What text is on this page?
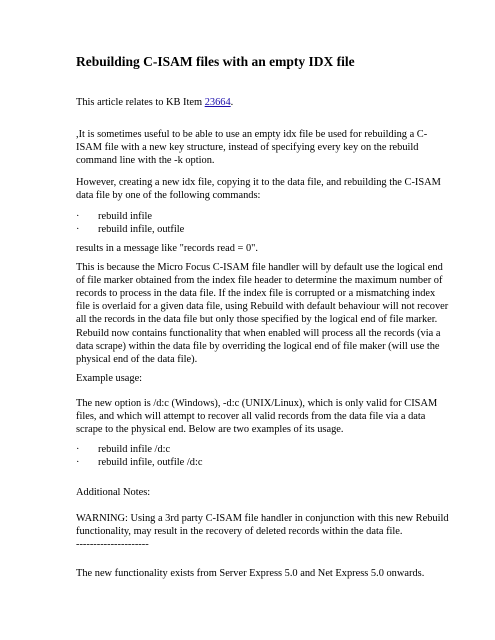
Rebuilding C-ISAM files with an empty IDX file
This article relates to KB Item 23664.
,It is sometimes useful to be able to use an empty idx file be used for rebuilding a C-
ISAM file with a new key structure, instead of specifying every key on the rebuild
command line with the -k option.
However, creating a new idx file, copying it to the data file, and rebuilding the C-ISAM
data file by one of the following commands:
· rebuild infile
· rebuild infile, outfile
results in a message like "records read = 0".
This is because the Micro Focus C-ISAM file handler will by default use the logical end
of file marker obtained from the index file header to determine the maximum number of
records to process in the data file. If the index file is corrupted or a mismatching index
file is overlaid for a given data file, using Rebuild with default behaviour will not recover
all the records in the data file but only those specified by the logical end of file marker.
Rebuild now contains functionality that when enabled will process all the records (via a
data scrape) within the data file by overriding the logical end of file maker (will use the
physical end of the data file).
Example usage:
The new option is /d:c (Windows), -d:c (UNIX/Linux), which is only valid for CISAM
files, and which will attempt to recover all valid records from the data file via a data
scrape to the physical end. Below are two examples of its usage.
· rebuild infile /d:c
· rebuild infile, outfile /d:c
Additional Notes:
WARNING: Using a 3rd party C-ISAM file handler in conjunction with this new Rebuild
functionality, may result in the recovery of deleted records within the data file.
---------------------
The new functionality exists from Server Express 5.0 and Net Express 5.0 onwards.
